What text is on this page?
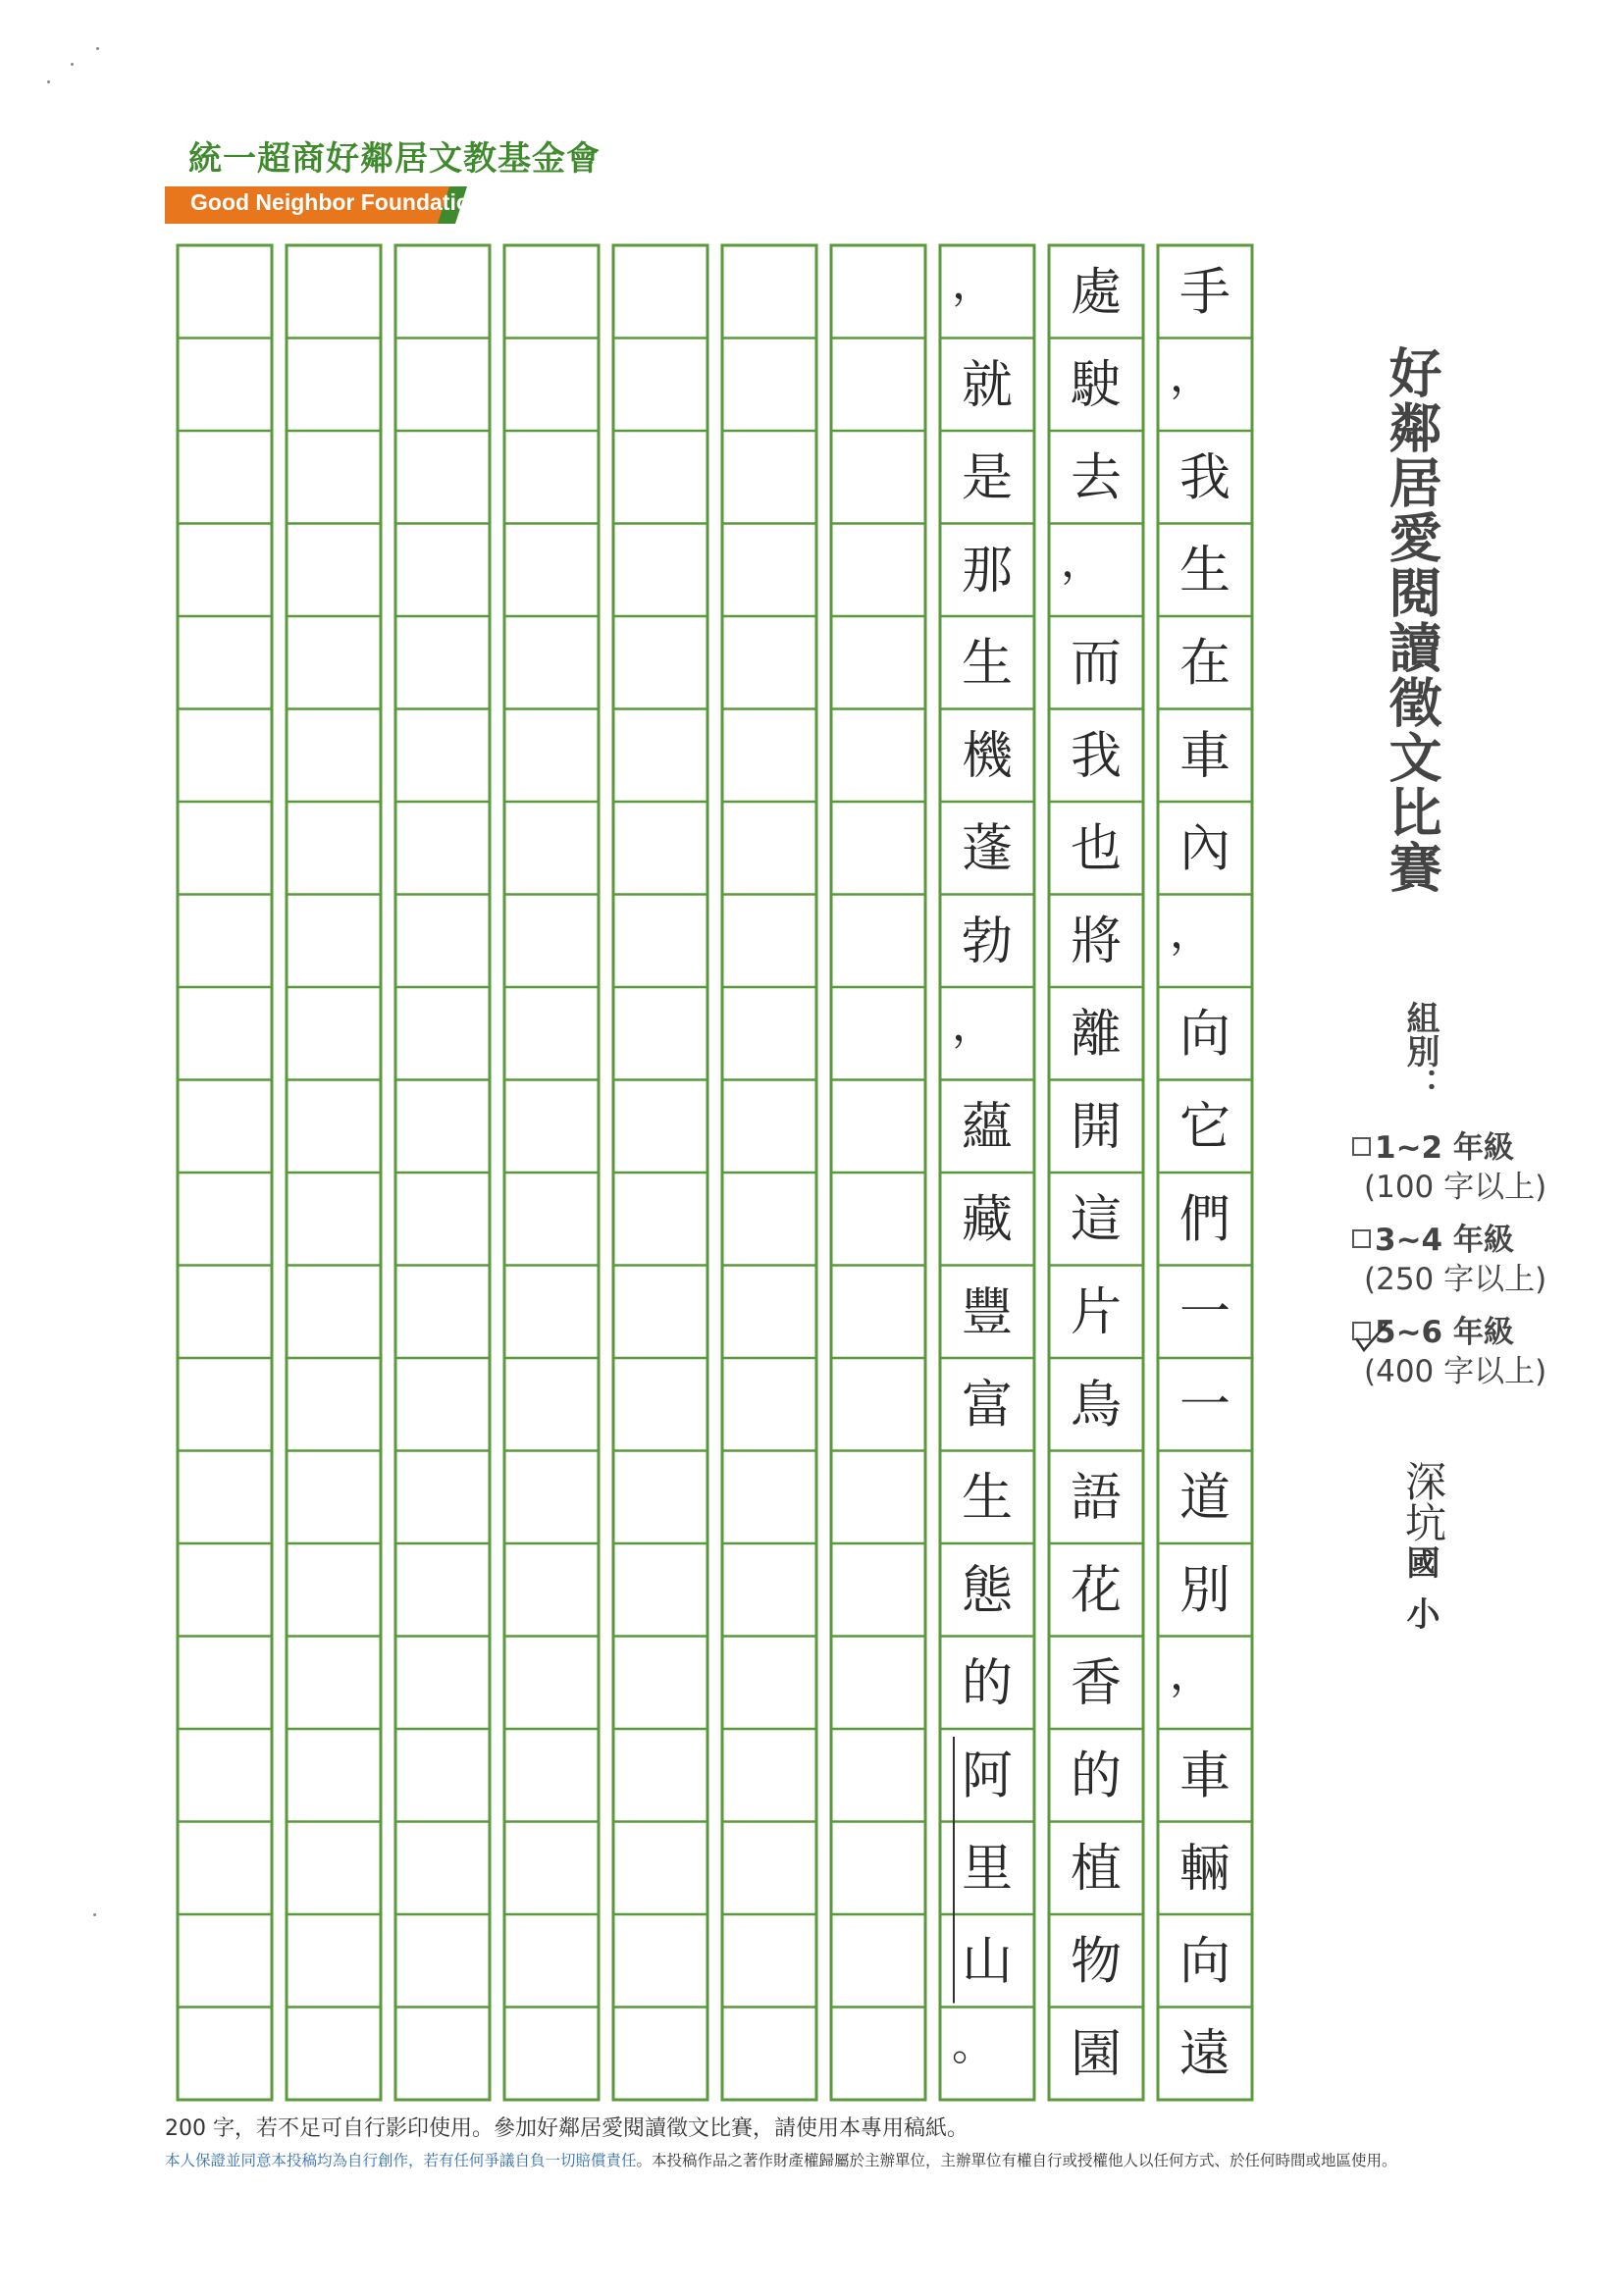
統一超商好鄰居文教基金會
Good Neighbor Foundation
手
，
我
生
在
車
內
，
向
它
們
一
一
道
別
，
車
輛
向
遠
處
駛
去
，
而
我
也
將
離
開
這
片
鳥
語
花
香
的
植
物
園
，
就
是
那
生
機
蓬
勃
，
蘊
藏
豐
富
生
態
的
阿
里
山
。
好鄰居愛閱讀徵文比賽
組別：
1~2 年級
(100 字以上)
3~4 年級
(250 字以上)
5~6 年級
(400 字以上)
深坑
國小
200 字，若不足可自行影印使用。參加好鄰居愛閱讀徵文比賽，請使用本專用稿紙。
本人保證並同意本投稿均為自行創作，若有任何爭議自負一切賠償責任。本投稿作品之著作財產權歸屬於主辦單位，主辦單位有權自行或授權他人以任何方式、於任何時間或地區使用。
